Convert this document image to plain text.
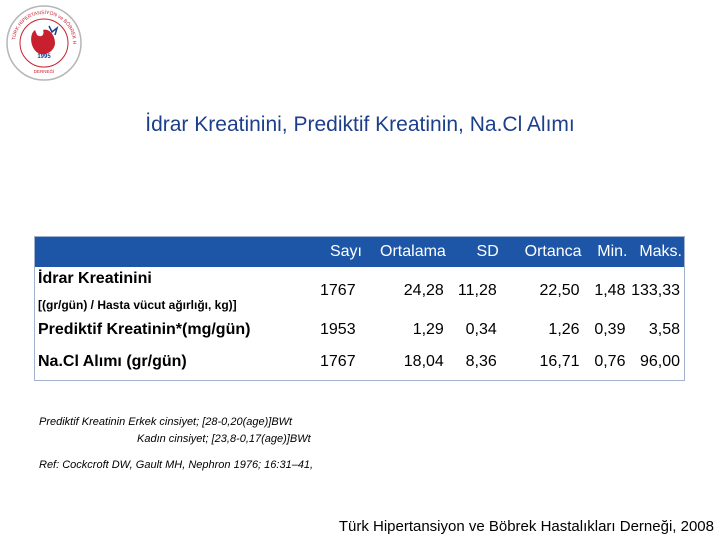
TÜRK HİPERTANSİYON ve BÖBREK H
1995
DERNEĞİ
İdrar Kreatinini, Prediktif Kreatinin, Na.Cl Alımı
	Sayı	Ortalama	SD	Ortanca	Min.	Maks.

İdrar Kreatinini
[(gr/gün) / Hasta vücut ağırlığı, kg)]	1767	24,28	11,28	22,50	1,48	133,33
Prediktif Kreatinin*(mg/gün)	1953	1,29	0,34	1,26	0,39	3,58
Na.Cl Alımı (gr/gün)	1767	18,04	8,36	16,71	0,76	96,00
Prediktif Kreatinin Erkek cinsiyet; [28-0,20(age)]BWt
Kadın cinsiyet; [23,8-0,17(age)]BWt
Ref: Cockcroft DW, Gault MH, Nephron 1976; 16:31–41,
Türk Hipertansiyon ve Böbrek Hastalıkları Derneği, 2008
